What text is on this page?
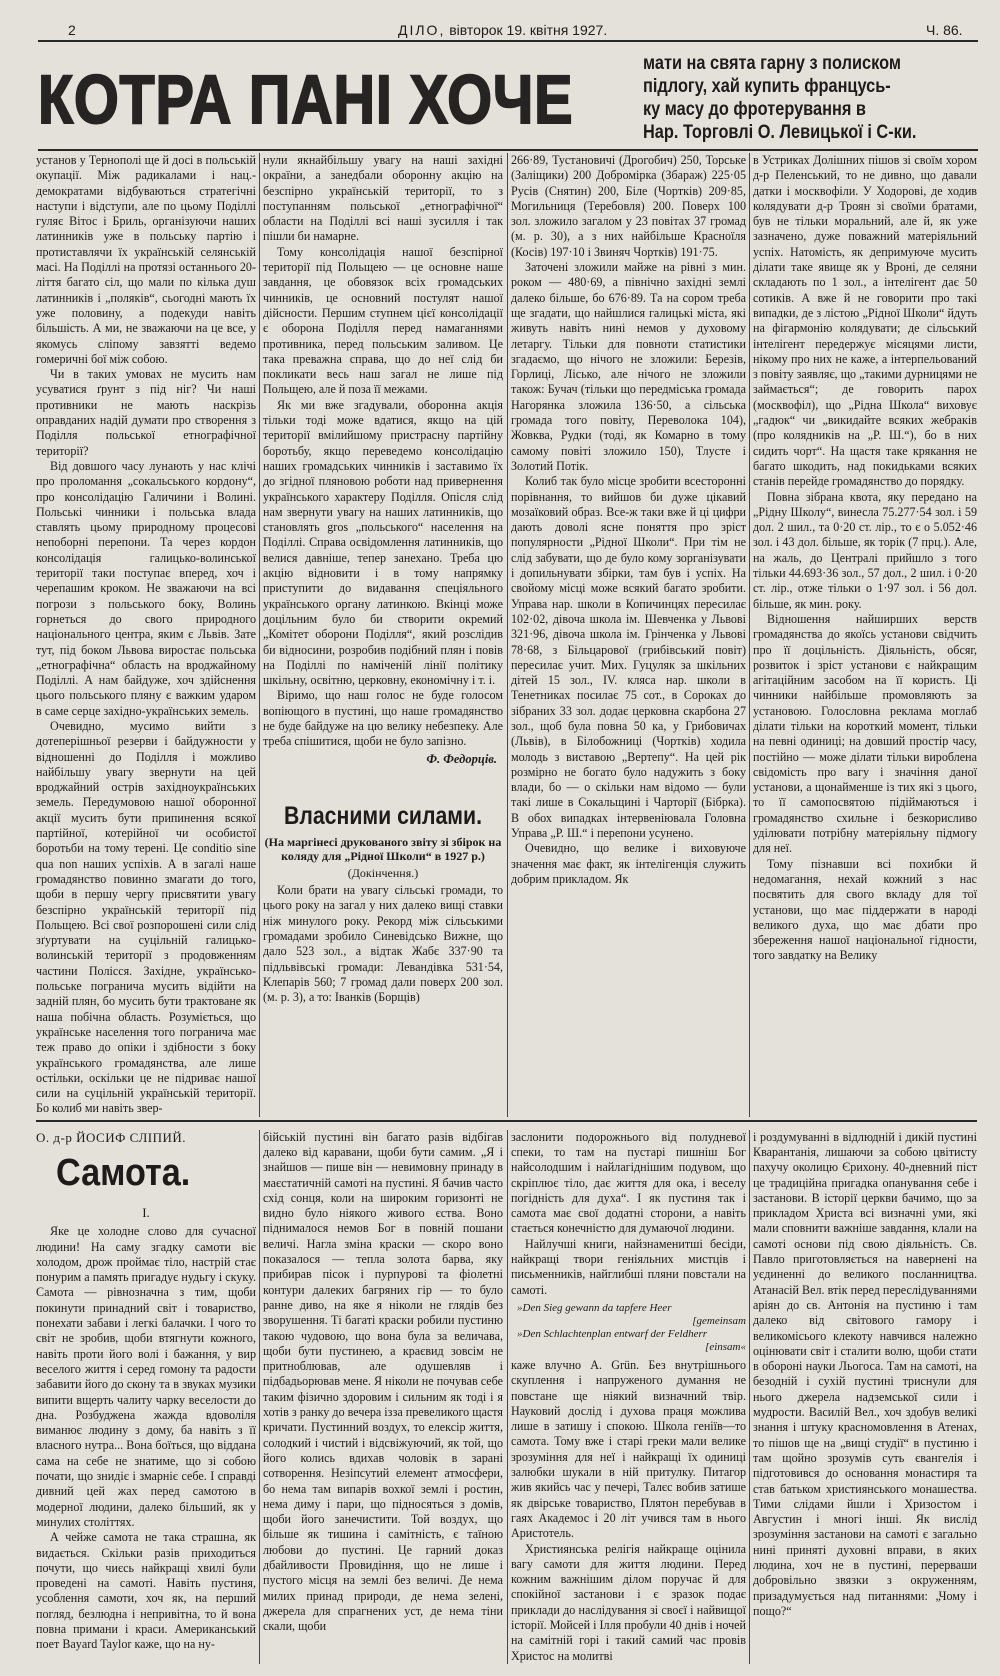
2	ДІЛО, вівторок 19. квітня 1927.	Ч. 86.
КОТРА ПАНІ ХОЧЕ	мати на свята гарну з полиском
підлогу, хай купить францусь-
ку масу до фротерування в
Нар. Торговлі О. Левицької і С-ки.

установ у Тернополі ще й досі в польській окупації. Між радикалами і нац.-демократами відбуваються стратегічні наступи і відступи, але по цьому Поділлі гуляє Вітос і Бриль, організуючи наших латинників уже в польську партію і протиставлячи їх українській селянській масі. На Поділлі на протязі останнього 20-ліття багато сіл, що мали по кілька душ латинників і „поляків“, сьогодні мають їх уже половину, а подекуди навіть більшість. А ми, не зважаючи на це все, у якомусь сліпому завзятті ведемо гомеричні бої між собою.

Чи в таких умовах не мусить нам усуватися ґрунт з під ніг? Чи наші противники не мають наскрізь оправданих надій думати про створення з Поділля польської етнографічної території?

Від довшого часу лунають у нас клічі про проломання „сокальського кордону“, про консолідацію Галичини і Волині. Польські чинники і польська влада ставлять цьому природному процесові непоборні перепони. Та через кордон консолідація галицько-волинської території таки поступає вперед, хоч і черепашим кроком. Не зважаючи на всі погрози з польського боку, Волинь горнеться до свого природного національного центра, яким є Львів. Зате тут, під боком Львова виростає польська „етнографічна“ область на вроджайному Поділлі. А нам байдуже, хоч здійснення цього польського пляну є важким ударом в саме серце західно-українських земель.

Очевидно, мусимо вийти з дотеперішньої резерви і байдужности у відношенні до Поділля і можливо найбільшу увагу звернути на цей вроджайний острів західноукраїнських земель. Передумовою нашої оборонної акції мусить бути припинення всякої партійної, котерійної чи особистої боротьби на тому терені. Це conditio sine qua non наших успіхів. А в загалі наше громадянство повинно змагати до того, щоби в першу чергу присвятити увагу безспірно українській території під Польщею. Всі свої розпорошені сили слід зґуртувати на суцільній галицько-волинській території з продовженням частини Полісся. Західне, українсько-польське погранича мусить відійти на задній плян, бо мусить бути трактоване як наша побічна область. Розуміється, що українське населення того погранича має теж право до опіки і здібности з боку українського громадянства, але лише остільки, оскільки це не підриває нашої сили на суцільній українській території. Бо колиб ми навіть звер-

нули якнайбільшу увагу на наші західні окраїни, а занедбали оборонну акцію на безспірно українській території, то з поступанням польської „етнографічної“ области на Поділлі всі наші зусилля і так пішли би намарне.

Тому консолідація нашої безспірної території під Польщею — це основне наше завдання, це обовязок всіх громадських чинників, це основний постулят нашої дійсности. Першим ступнем цієї консолідації є оборона Поділля перед намаганнями противника, перед польським заливом. Це така преважна справа, що до неї слід би покликати весь наш загал не лише під Польщею, але й поза її межами.

Як ми вже згадували, оборонна акція тільки тоді може вдатися, якщо на цій території вмілийшому пристрасну партійну боротьбу, якщо переведемо консолідацію наших громадських чинників і заставимо їх до згідної пляновою роботи над привернення українського характеру Поділля. Опісля слід нам звернути увагу на наших латинників, що становлять gros „польського“ населення на Поділлі. Справа освідомлення латинників, що велися давніше, тепер занехано. Треба цю акцію відновити і в тому напрямку приступити до видавання спеціяльного українського органу латинкою. Вкінці може доцільним було би створити окремий „Комітет оборони Поділля“, який розслідив би відносини, розробив подібний плян і повів на Поділлі по наміченій лінії політику шкільну, освітню, церковну, економічну і т. і.

Віримо, що наш голос не буде голосом вопіющого в пустині, що наше громадянство не буде байдуже на цю велику небезпеку. Але треба спішитися, щоби не було запізно.

Ф. Федорців.
Власними силами.
(На маргінесі друкованого звіту зі збірок на коляду для „Рідної Школи“ в 1927 р.)
(Докінчення.)

Коли брати на увагу сільські громади, то цього року на загал у них далеко вищі ставки ніж минулого року. Рекорд між сільськими громадами зробило Синевідсько Вижне, що дало 523 зол., а відтак Жабє 337·90 та підльвівські громади: Левандівка 531·54, Клепарів 560; 7 громад дали поверх 200 зол. (м. р. 3), а то: Іванків (Борщів)

266·89, Тустановичі (Дрогобич) 250, Торське (Заліщики) 200 Добромірка (Збараж) 225·05 Русів (Снятин) 200, Біле (Чортків) 209·85, Могильниця (Теребовля) 200. Поверх 100 зол. зложило загалом у 23 повітах 37 громад (м. р. 30), а з них найбільше Красноїля (Косів) 197·10 і Звиняч Чортків) 191·75.

Заточені зложили майже на рівні з мин. роком — 480·69, а північно західні землі далеко більше, бо 676·89. Та на сором треба ще згадати, що найшлися галицькі міста, які живуть навіть нині немов у духовому летаргу. Тільки для повноти статистики згадаємо, що нічого не зложили: Березів, Горлиці, Лісько, але нічого не зложили також: Бучач (тільки що передміська громада Нагорянка зложила 136·50, а сільська громада того повіту, Переволока 104), Жовква, Рудки (тоді, як Комарно в тому самому повіті зложило 150), Тлусте і Золотий Потік.

Колиб так було місце зробити всесторонні порівнання, то вийшов би дуже цікавий мозаїковий образ. Все-ж таки вже й ці цифри дають доволі ясне поняття про зріст популярности „Рідної Школи“. При тім не слід забувати, що де було кому зорганізувати і допильнувати збірки, там був і успіх. На свойому місці може всякий багато зробити. Управа нар. школи в Копичинцях пересилає 102·02, дівоча школа ім. Шевченка у Львові 321·96, дівоча школа ім. Грінченка у Львові 78·68, з Більцарової (грибівський повіт) пересилає учит. Мих. Гуцуляк за шкільних дітей 15 зол., IV. кляса нар. школи в Тенетниках посилає 75 сот., в Сороках до зібраних 33 зол. додає церковна скарбона 27 зол., щоб була повна 50 ка, у Грибовичах (Львів), в Білобожниці (Чортків) ходила молодь з виставою „Вертепу“. На цей рік розмірно не богато було надужить з боку влади, бо — о скільки нам відомо — були такі лише в Сокальщині і Чарторії (Бібрка). В обох випадках інтервеніювала Головна Управа „Р. Ш.“ і перепони усунено.

Очевидно, що велике і виховуюче значення має факт, як інтелігенція служить добрим прикладом. Як

в Устриках Долішних пішов зі своїм хором д-р Пеленський, то не дивно, що давали датки і москвофіли. У Ходорові, де ходив колядувати д-р Троян зі своїми братами, був не тільки моральний, але й, як уже зазначено, дуже поважний матеріяльний успіх. Натомість, як депримуюче мусить ділати таке явище як у Вроні, де селяни складають по 1 зол., а інтелігент дає 50 сотиків. А вже й не говорити про такі випадки, де з лістою „Рідної Школи“ йдуть на фігармонію колядувати; де сільський інтелігент передержує місяцями листи, нікому про них не каже, а інтерпельований з повіту заявляє, що „такими дурницями не займається“; де говорить парох (москвофіл), що „Рідна Школа“ виховує „гадюк“ чи „викидайте всяких жебраків (про колядників на „Р. Ш.“), бо в них сидить чорт“. На щастя таке крякання не багато шкодить, над покидьками всяких станів перейде громадянство до порядку.

Повна зібрана квота, яку передано на „Рідну Школу“, винесла 75.277·54 зол. і 59 дол. 2 шил., та 0·20 ст. лір., то є о 5.052·46 зол. і 43 дол. більше, як торік (7 прц.). Але, на жаль, до Централі прийшло з того тільки 44.693·36 зол., 57 дол., 2 шил. і 0·20 ст. лір., отже тільки о 1·97 зол. і 56 дол. більше, як мин. року.

Відношення найширших верств громадянства до якоїсь установи свідчить про її доцільність. Діяльність, обсяг, розвиток і зріст установи є найкращим агітаційним засобом на її користь. Ці чинники найбільше промовляють за установою. Голословна реклама моглаб ділати тільки на короткий момент, тільки на певні одиниці; на довший простір часу, постійно — може ділати тільки вироблена свідомість про вагу і значіння даної установи, а щонайменше із тих які з цього, то її самопосвятою підіймаються і громадянство схильне і безкорисливо уділювати потрібну матеріяльну підмогу для неї.

Тому пізнавши всі похибки й недомагання, нехай кожний з нас посвятить для свого вкладу для тої установи, що має піддержати в народі великого духа, що має дбати про збереження нашої національної гідности, того завдатку на Велику

О. д-р ЙОСИФ СЛІПИЙ.
Самота.
I.

Яке це холодне слово для сучасної людини! На саму згадку самоти віє холодом, дрож проймає тіло, настрій стає понурим а память пригадує нудьгу і скуку. Самота — рівнозначна з тим, щоби покинути принадний світ і товариство, понехати забави і легкі балачки. І чого то світ не зробив, щоби втягнути кожного, навіть проти його волі і бажання, у вир веселого життя і серед гомону та радости забавити його до скону та в звуках музики випити вщерть чалиту чарку веселости до дна. Розбуджена жажда вдоволіля виманює людину з дому, ба навіть з її власного нутра... Вона боїться, що віддана сама на себе не знатиме, що зі собою почати, що знидіє і змарніє себе. І справді дивний цей жах перед самотою в модерної людини, далеко більший, як у минулих століттях.

А чейже самота не така страшна, як видається. Скільки разів приходиться почути, що чиєсь найкращі хвилі були проведені на самоті. Навіть пустиня, усоблення самоти, хоч як, на перший погляд, безлюдна і непривітна, то й вона повна примани і краси. Американський поет Bayard Taylor каже, що на ну-

бійській пустині він багато разів відбігав далеко від каравани, щоби бути самим. „Я і знайшов — пише він — невимовну принаду в маєстатичній самоті на пустині. Я бачив часто схід сонця, коли на широким горизонті не видно було ніякого живого єства. Воно піднималося немов Бог в повній пошани величі. Нагла зміна краски — скоро воно показалося — тепла золота барва, яку прибирав пісок і пурпурові та фіолетні контури далеких багряних гір — то було ранне диво, на яке я ніколи не глядів без зворушення. Ті багаті краски робили пустиню такою чудовою, що вона була за величава, щоби бути пустинею, а краєвид зовсім не притноблював, але одушевляв і підбадьорював мене. Я ніколи не почував себе таким фізично здоровим і сильним як тоді і я хотів з ранку до вечера ізза превеликого щастя кричати. Пустинний воздух, то елексір життя, солодкий і чистий і відсвіжуючий, як той, що його колись вдихав чоловік в зарані сотворення. Незіпсутий елемент атмосфери, бо нема там випарів вохкої землі і ростин, нема диму і пари, що підносяться з домів, щоби його занечистити. Той воздух, що більше як тишина і самітність, є таїною любови до пустині. Це гарний доказ дбайливости Провидіння, що не лише і пустого місця на землі без величі. Де нема милих принад природи, де нема зелені, джерела для спрагнених уст, де нема тіни скали, щоби

заслонити подорожнього від полудневої спеки, то там на пустарі пишніш Бог найсолодшим і найлагіднішим подувом, що скріплює тіло, дає життя для ока, і веселу погідність для духа“. І як пустиня так і самота має свої додатні сторони, а навіть стається конечністю для думаючої людини.

Найлучші книги, найзнаменитші бесіди, найкращі твори геніяльних мистців і письменників, найглибші пляни повстали на самоті.

»Den Sieg gewann da tapfere Heer
[gemeinsam
»Den Schlachtenplan entwarf der Feldherr
[einsam«

каже влучно A. Grün. Без внутрішнього скуплення і напруженого думання не повстане ще ніякий визначний твір. Науковий дослід і духова праця можлива лише в затишу і спокою. Школа геніїв—то самота. Тому вже і старі греки мали велике зрозуміння для неї і найкращі їх одиниці залюбки шукали в ній притулку. Питагор жив якийсь час у печері, Талєс вобив затише як двірське товариство, Плятон перебував в гаях Академос і 20 літ учився там в нього Аристотель.

Християнська релігія найкраще оцінила вагу самоти для життя людини. Перед кожним важнішим ділом поручає й для спокійної застанови і є зразок подає приклади до наслідування зі своєї і найвищої історії. Мойсей і Ілля пробули 40 днів і ночей на самітній горі і такий самий час провів Христос на молитві

і роздумуванні в відлюдній і дикій пустині Кварантанія, лишаючи за собою цвітисту пахучу околицю Єрихону. 40-дневний піст це традиційна пригадка опанування себе і застанови. В історії церкви бачимо, що за прикладом Христа всі визначні уми, які мали сповнити важніше завдання, клали на самоті основи під свою діяльність. Св. Павло приготовляється на навернені на уєдиненні до великого посланництва. Атанасій Вел. втік перед переслідуваннями аріян до св. Антонія на пустиню і там далеко від світового гамору і великомісього клекоту навчився належно оцінювати світ і сталити волю, щоби стати в обороні науки Льогоса. Там на самоті, на безодній і сухій пустині триснули для нього джерела надземської сили і мудрости. Василій Вел., хоч здобув великі знання і штуку красномовлення в Атенах, то пішов ще на „вищі студії“ в пустиню і там щойно зрозумів суть євангелія і підготовився до основання монастиря та став батьком християнського монашества. Тими слідами йшли і Хризостом і Августин і многі інші. Як вислід зрозуміння застанови на самоті є загально нині приняті духовні вправи, в яких людина, хоч не в пустині, перерваши добровільно звязки з окруженням, призадумується над питаннями: „Чому і пощо?“
